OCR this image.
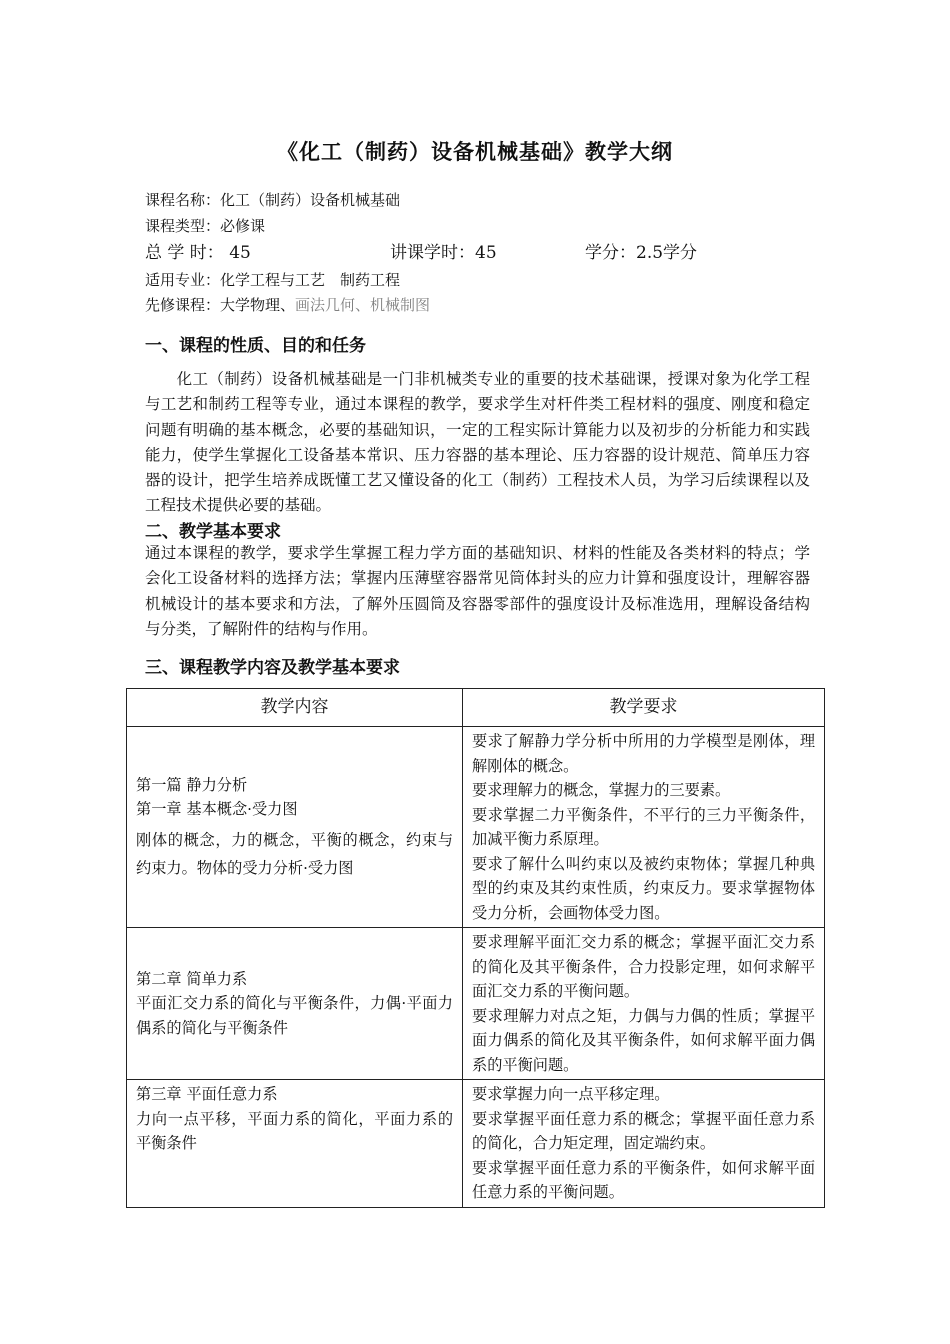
《化工（制药）设备机械基础》教学大纲
课程名称：化工（制药）设备机械基础
课程类型：必修课
总 学 时： 45	讲课学时：45	学分：2.5学分
适用专业：化学工程与工艺　制药工程
先修课程：大学物理、画法几何、机械制图
一、课程的性质、目的和任务
　　化工（制药）设备机械基础是一门非机械类专业的重要的技术基础课，授课对象为化学工程与工艺和制药工程等专业，通过本课程的教学，要求学生对杆件类工程材料的强度、刚度和稳定问题有明确的基本概念，必要的基础知识，一定的工程实际计算能力以及初步的分析能力和实践能力，使学生掌握化工设备基本常识、压力容器的基本理论、压力容器的设计规范、简单压力容器的设计，把学生培养成既懂工艺又懂设备的化工（制药）工程技术人员，为学习后续课程以及工程技术提供必要的基础。
二、教学基本要求
通过本课程的教学，要求学生掌握工程力学方面的基础知识、材料的性能及各类材料的特点；学会化工设备材料的选择方法；掌握内压薄壁容器常见筒体封头的应力计算和强度设计，理解容器机械设计的基本要求和方法，了解外压圆筒及容器零部件的强度设计及标准选用，理解设备结构与分类，了解附件的结构与作用。
三、课程教学内容及教学基本要求
教学内容	教学要求

第一篇 静力分析
第一章 基本概念·受力图
刚体的概念，力的概念，平衡的概念，约束与约束力。物体的受力分析·受力图	要求了解静力学分析中所用的力学模型是刚体，理解刚体的概念。
要求理解力的概念，掌握力的三要素。
要求掌握二力平衡条件，不平行的三力平衡条件，加减平衡力系原理。
要求了解什么叫约束以及被约束物体；掌握几种典型的约束及其约束性质，约束反力。要求掌握物体受力分析，会画物体受力图。

第二章 简单力系
平面汇交力系的简化与平衡条件，力偶·平面力偶系的简化与平衡条件	要求理解平面汇交力系的概念；掌握平面汇交力系的简化及其平衡条件，合力投影定理，如何求解平面汇交力系的平衡问题。
要求理解力对点之矩，力偶与力偶的性质；掌握平面力偶系的简化及其平衡条件，如何求解平面力偶系的平衡问题。

第三章 平面任意力系
力向一点平移，平面力系的简化，平面力系的平衡条件	要求掌握力向一点平移定理。
要求掌握平面任意力系的概念；掌握平面任意力系的简化，合力矩定理，固定端约束。
要求掌握平面任意力系的平衡条件，如何求解平面任意力系的平衡问题。
